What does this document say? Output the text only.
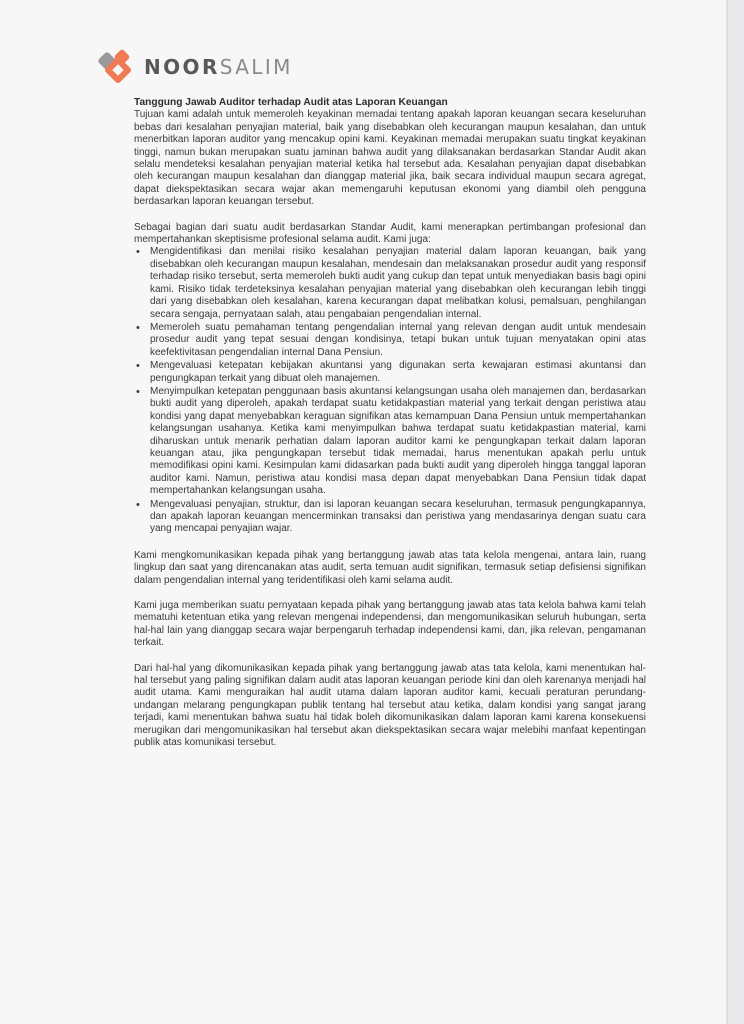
NOORSALIM

Tanggung Jawab Auditor terhadap Audit atas Laporan Keuangan

Tujuan kami adalah untuk memeroleh keyakinan memadai tentang apakah laporan keuangan secara keseluruhan bebas dari kesalahan penyajian material, baik yang disebabkan oleh kecurangan maupun kesalahan, dan untuk menerbitkan laporan auditor yang mencakup opini kami. Keyakinan memadai merupakan suatu tingkat keyakinan tinggi, namun bukan merupakan suatu jaminan bahwa audit yang dilaksanakan berdasarkan Standar Audit akan selalu mendeteksi kesalahan penyajian material ketika hal tersebut ada. Kesalahan penyajian dapat disebabkan oleh kecurangan maupun kesalahan dan dianggap material jika, baik secara individual maupun secara agregat, dapat diekspektasikan secara wajar akan memengaruhi keputusan ekonomi yang diambil oleh pengguna berdasarkan laporan keuangan tersebut.

Sebagai bagian dari suatu audit berdasarkan Standar Audit, kami menerapkan pertimbangan profesional dan mempertahankan skeptisisme profesional selama audit. Kami juga:

• Mengidentifikasi dan menilai risiko kesalahan penyajian material dalam laporan keuangan, baik yang disebabkan oleh kecurangan maupun kesalahan, mendesain dan melaksanakan prosedur audit yang responsif terhadap risiko tersebut, serta memeroleh bukti audit yang cukup dan tepat untuk menyediakan basis bagi opini kami. Risiko tidak terdeteksinya kesalahan penyajian material yang disebabkan oleh kecurangan lebih tinggi dari yang disebabkan oleh kesalahan, karena kecurangan dapat melibatkan kolusi, pemalsuan, penghilangan secara sengaja, pernyataan salah, atau pengabaian pengendalian internal.
• Memeroleh suatu pemahaman tentang pengendalian internal yang relevan dengan audit untuk mendesain prosedur audit yang tepat sesuai dengan kondisinya, tetapi bukan untuk tujuan menyatakan opini atas keefektivitasan pengendalian internal Dana Pensiun.
• Mengevaluasi ketepatan kebijakan akuntansi yang digunakan serta kewajaran estimasi akuntansi dan pengungkapan terkait yang dibuat oleh manajemen.
• Menyimpulkan ketepatan penggunaan basis akuntansi kelangsungan usaha oleh manajemen dan, berdasarkan bukti audit yang diperoleh, apakah terdapat suatu ketidakpastian material yang terkait dengan peristiwa atau kondisi yang dapat menyebabkan keraguan signifikan atas kemampuan Dana Pensiun untuk mempertahankan kelangsungan usahanya. Ketika kami menyimpulkan bahwa terdapat suatu ketidakpastian material, kami diharuskan untuk menarik perhatian dalam laporan auditor kami ke pengungkapan terkait dalam laporan keuangan atau, jika pengungkapan tersebut tidak memadai, harus menentukan apakah perlu untuk memodifikasi opini kami. Kesimpulan kami didasarkan pada bukti audit yang diperoleh hingga tanggal laporan auditor kami. Namun, peristiwa atau kondisi masa depan dapat menyebabkan Dana Pensiun tidak dapat mempertahankan kelangsungan usaha.
• Mengevaluasi penyajian, struktur, dan isi laporan keuangan secara keseluruhan, termasuk pengungkapannya, dan apakah laporan keuangan mencerminkan transaksi dan peristiwa yang mendasarinya dengan suatu cara yang mencapai penyajian wajar.

Kami mengkomunikasikan kepada pihak yang bertanggung jawab atas tata kelola mengenai, antara lain, ruang lingkup dan saat yang direncanakan atas audit, serta temuan audit signifikan, termasuk setiap defisiensi signifikan dalam pengendalian internal yang teridentifikasi oleh kami selama audit.

Kami juga memberikan suatu pernyataan kepada pihak yang bertanggung jawab atas tata kelola bahwa kami telah mematuhi ketentuan etika yang relevan mengenai independensi, dan mengomunikasikan seluruh hubungan, serta hal-hal lain yang dianggap secara wajar berpengaruh terhadap independensi kami, dan, jika relevan, pengamanan terkait.

Dari hal-hal yang dikomunikasikan kepada pihak yang bertanggung jawab atas tata kelola, kami menentukan hal-hal tersebut yang paling signifikan dalam audit atas laporan keuangan periode kini dan oleh karenanya menjadi hal audit utama. Kami menguraikan hal audit utama dalam laporan auditor kami, kecuali peraturan perundang-undangan melarang pengungkapan publik tentang hal tersebut atau ketika, dalam kondisi yang sangat jarang terjadi, kami menentukan bahwa suatu hal tidak boleh dikomunikasikan dalam laporan kami karena konsekuensi merugikan dari mengomunikasikan hal tersebut akan diekspektasikan secara wajar melebihi manfaat kepentingan publik atas komunikasi tersebut.
